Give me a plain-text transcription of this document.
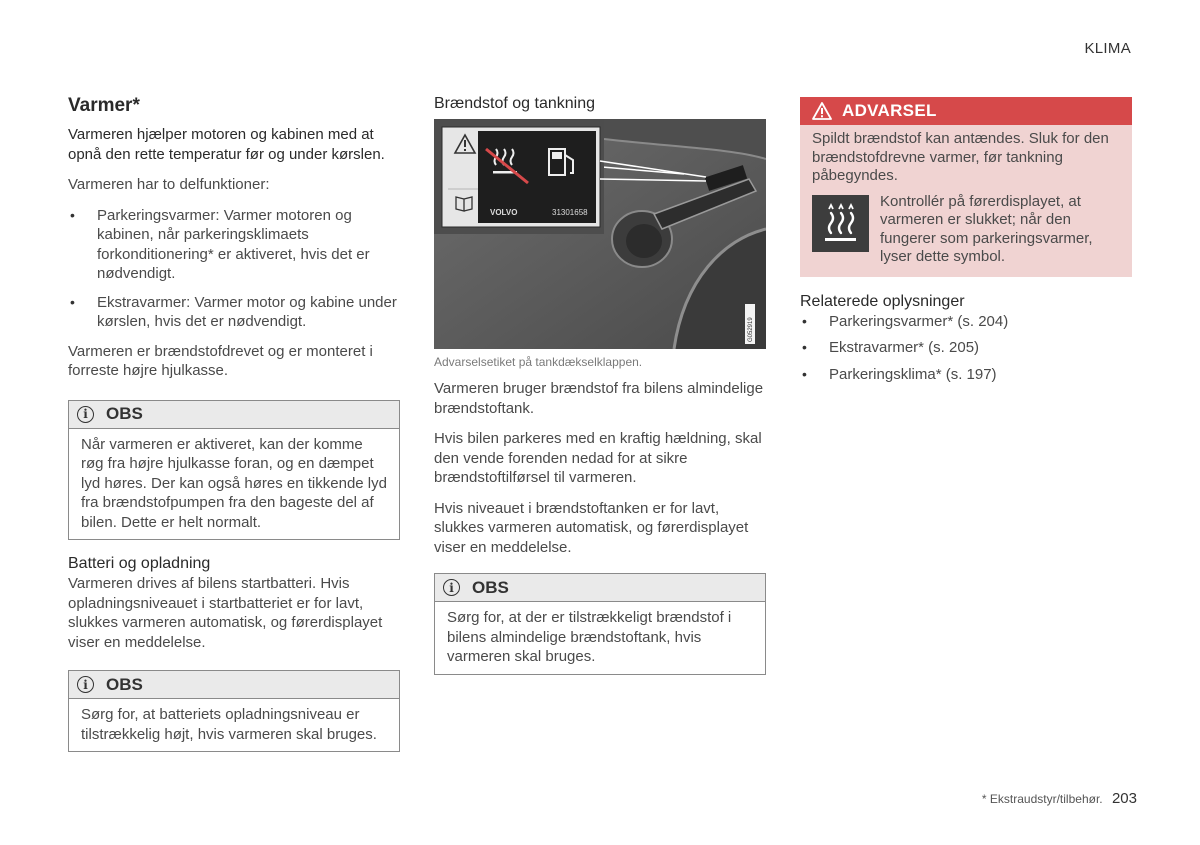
KLIMA
Varmer*

Varmeren hjælper motoren og kabinen med at opnå den rette temperatur før og under kørslen.

Varmeren har to delfunktioner:

• Parkeringsvarmer: Varmer motoren og kabinen, når parkeringsklimaets forkonditionering* er aktiveret, hvis det er nødvendigt.
• Ekstravarmer: Varmer motor og kabine under kørslen, hvis det er nødvendigt.

Varmeren er brændstofdrevet og er monteret i forreste højre hjulkasse.

i	OBS

Når varmeren er aktiveret, kan der komme røg fra højre hjulkasse foran, og en dæmpet lyd høres. Der kan også høres en tikkende lyd fra brændstofpumpen fra den bageste del af bilen. Dette er helt normalt.

Batteri og opladning

Varmeren drives af bilens startbatteri. Hvis opladningsniveauet i startbatteriet er for lavt, slukkes varmeren automatisk, og førerdisplayet viser en meddelelse.

i	OBS

Sørg for, at batteriets opladningsniveau er tilstrækkelig højt, hvis varmeren skal bruges.

Brændstof og tankning
VOLVO	31301658
G052919
Advarselsetiket på tankdækselklappen.

Varmeren bruger brændstof fra bilens almindelige brændstoftank.

Hvis bilen parkeres med en kraftig hældning, skal den vende forenden nedad for at sikre brændstoftilførsel til varmeren.

Hvis niveauet i brændstoftanken er for lavt, slukkes varmeren automatisk, og førerdisplayet viser en meddelelse.

i	OBS

Sørg for, at der er tilstrækkeligt brændstof i bilens almindelige brændstoftank, hvis varmeren skal bruges.

ADVARSEL

Spildt brændstof kan antændes. Sluk for den brændstofdrevne varmer, før tankning påbegyndes.

Kontrollér på førerdisplayet, at varmeren er slukket; når den fungerer som parkeringsvarmer, lyser dette symbol.

Relaterede oplysninger
• Parkeringsvarmer* (s. 204)
• Ekstravarmer* (s. 205)
• Parkeringsklima* (s. 197)
* Ekstraudstyr/tilbehør. 203
